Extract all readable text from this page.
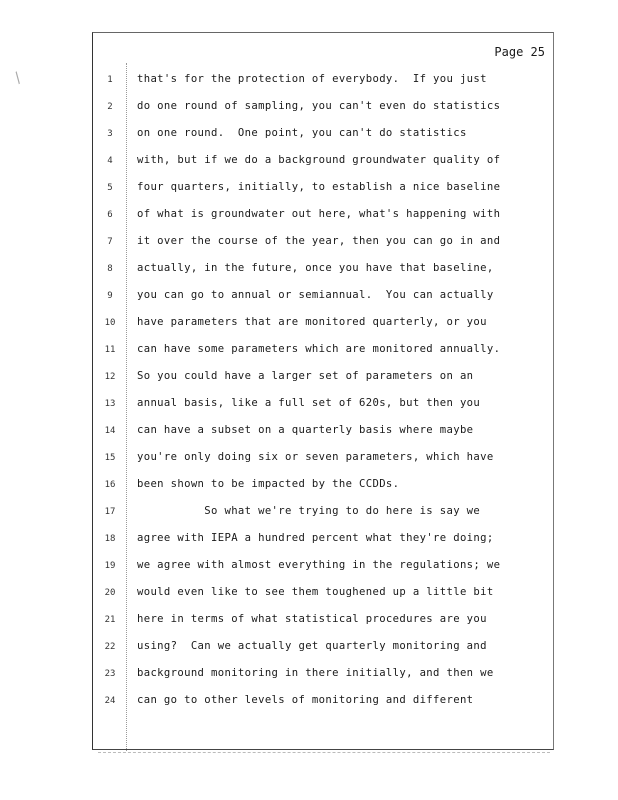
/
Page 25
1	that's for the protection of everybody.  If you just
2	do one round of sampling, you can't even do statistics
3	on one round.  One point, you can't do statistics
4	with, but if we do a background groundwater quality of
5	four quarters, initially, to establish a nice baseline
6	of what is groundwater out here, what's happening with
7	it over the course of the year, then you can go in and
8	actually, in the future, once you have that baseline,
9	you can go to annual or semiannual.  You can actually
10	have parameters that are monitored quarterly, or you
11	can have some parameters which are monitored annually.
12	So you could have a larger set of parameters on an
13	annual basis, like a full set of 620s, but then you
14	can have a subset on a quarterly basis where maybe
15	you're only doing six or seven parameters, which have
16	been shown to be impacted by the CCDDs.
17	So what we're trying to do here is say we
18	agree with IEPA a hundred percent what they're doing;
19	we agree with almost everything in the regulations; we
20	would even like to see them toughened up a little bit
21	here in terms of what statistical procedures are you
22	using?  Can we actually get quarterly monitoring and
23	background monitoring in there initially, and then we
24	can go to other levels of monitoring and different
